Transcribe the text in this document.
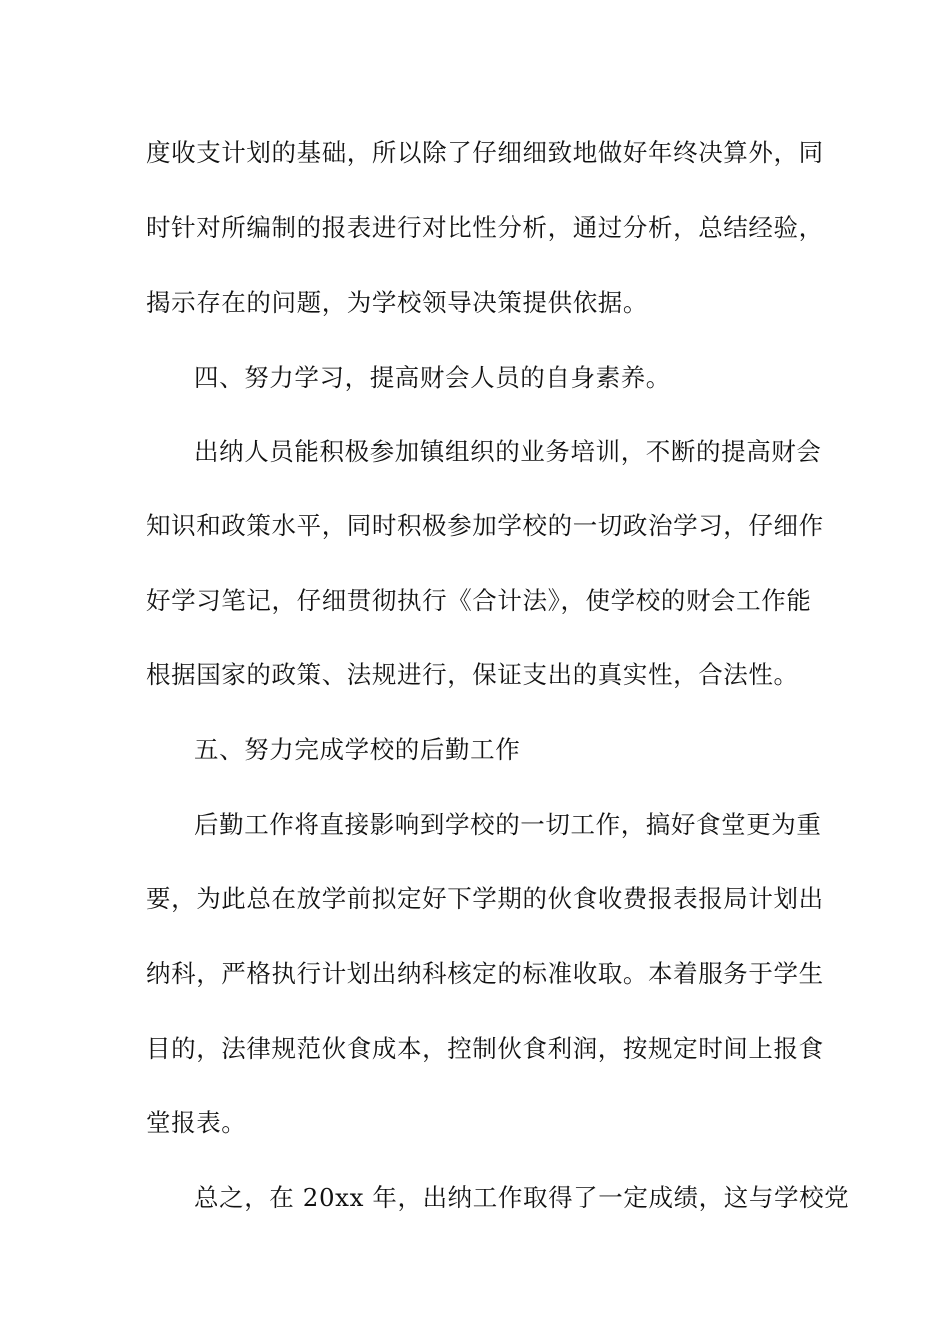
度收支计划的基础，所以除了仔细细致地做好年终决算外，同
时针对所编制的报表进行对比性分析，通过分析，总结经验，
揭示存在的问题，为学校领导决策提供依据。
四、努力学习，提高财会人员的自身素养。
出纳人员能积极参加镇组织的业务培训，不断的提高财会
知识和政策水平，同时积极参加学校的一切政治学习，仔细作
好学习笔记，仔细贯彻执行《合计法》，使学校的财会工作能
根据国家的政策、法规进行，保证支出的真实性，合法性。
五、努力完成学校的后勤工作
后勤工作将直接影响到学校的一切工作，搞好食堂更为重
要，为此总在放学前拟定好下学期的伙食收费报表报局计划出
纳科，严格执行计划出纳科核定的标准收取。本着服务于学生
目的，法律规范伙食成本，控制伙食利润，按规定时间上报食
堂报表。
总之，在 20xx 年，出纳工作取得了一定成绩，这与学校党
